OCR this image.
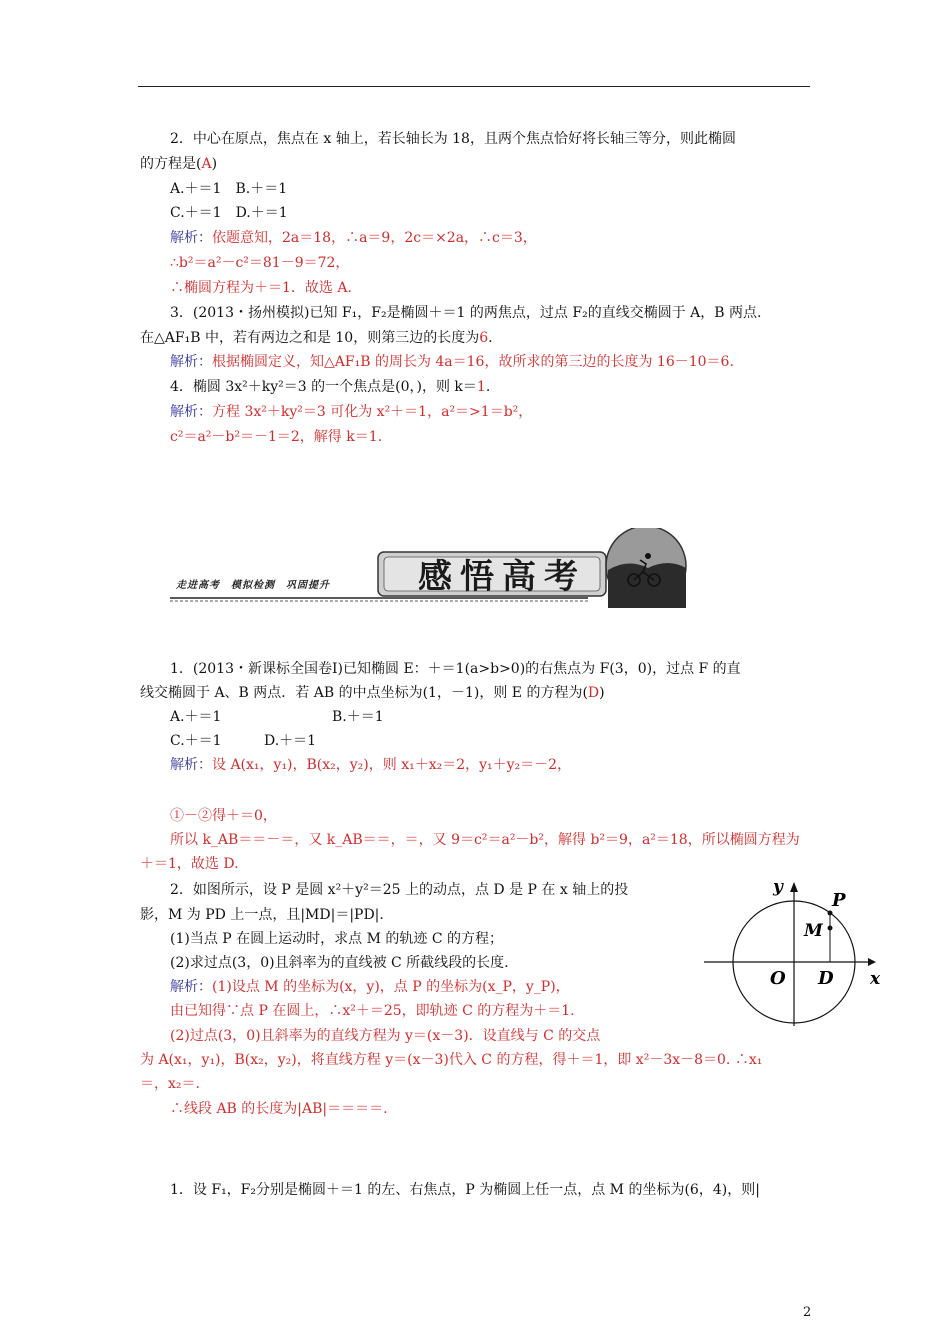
2．中心在原点，焦点在 x 轴上，若长轴长为 18，且两个焦点恰好将长轴三等分，则此椭圆
的方程是(A)
A.＋＝1　B.＋＝1
C.＋＝1　D.＋＝1
解析：依题意知，2a＝18，∴a＝9，2c＝×2a，∴c＝3，
∴b²＝a²－c²＝81－9＝72，
∴椭圆方程为＋＝1．故选 A.
3．(2013・扬州模拟)已知 F₁，F₂是椭圆＋＝1 的两焦点，过点 F₂的直线交椭圆于 A，B 两点.
在△AF₁B 中，若有两边之和是 10，则第三边的长度为6.
解析：根据椭圆定义，知△AF₁B 的周长为 4a＝16，故所求的第三边的长度为 16－10＝6.
4．椭圆 3x²＋ky²＝3 的一个焦点是(0，)，则 k＝1.
解析：方程 3x²＋ky²＝3 可化为 x²＋＝1，a²＝>1＝b²，
c²＝a²－b²＝－1＝2，解得 k＝1.
走进高考　模拟检测　巩固提升	感悟高考
1．(2013・新课标全国卷Ⅰ)已知椭圆 E：＋＝1(a>b>0)的右焦点为 F(3，0)，过点 F 的直
线交椭圆于 A、B 两点．若 AB 的中点坐标为(1，－1)，则 E 的方程为(D)
A.＋＝1	B.＋＝1
C.＋＝1	D.＋＝1
解析：设 A(x₁，y₁)，B(x₂，y₂)，则 x₁＋x₂＝2，y₁＋y₂＝－2，
①－②得＋＝0，
所以 k_AB＝＝－＝，又 k_AB＝＝，＝，又 9＝c²＝a²－b²，解得 b²＝9，a²＝18，所以椭圆方程为
＋＝1，故选 D.
2．如图所示，设 P 是圆 x²＋y²＝25 上的动点，点 D 是 P 在 x 轴上的投
影，M 为 PD 上一点，且|MD|＝|PD|.
(1)当点 P 在圆上运动时，求点 M 的轨迹 C 的方程；
(2)求过点(3，0)且斜率为的直线被 C 所截线段的长度.
解析：(1)设点 M 的坐标为(x，y)，点 P 的坐标为(x_P，y_P)，
由已知得∵点 P 在圆上，∴x²＋＝25，即轨迹 C 的方程为＋＝1.
(2)过点(3，0)且斜率为的直线方程为 y＝(x－3)．设直线与 C 的交点
为 A(x₁，y₁)，B(x₂，y₂)，将直线方程 y＝(x－3)代入 C 的方程，得＋＝1，即 x²－3x－8＝0. ∴x₁
＝，x₂＝.
∴线段 AB 的长度为|AB|＝＝＝＝.
y
x
O
P
M
D
1．设 F₁，F₂分别是椭圆＋＝1 的左、右焦点，P 为椭圆上任一点，点 M 的坐标为(6，4)，则|
2
